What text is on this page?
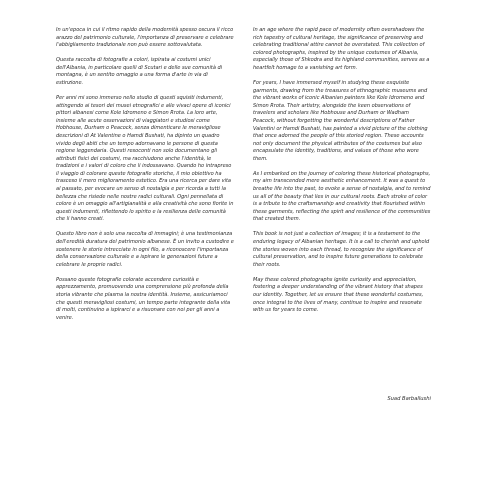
In un'epoca in cui il ritmo rapido della modernità spesso oscura il ricco arazzo del patrimonio culturale, l'importanza di preservare e celebrare l'abbigliamento tradizionale non può essere sottovalutata.

Questa raccolta di fotografie a colori, ispirata ai costumi unici dell'Albania, in particolare quelli di Scutari e delle sue comunità di montagna, è un sentito omaggio a una forma d'arte in via di estinzione.

Per anni mi sono immerso nello studio di questi squisiti indumenti, attingendo ai tesori dei musei etnografici e alle vivaci opere di iconici pittori albanesi come Kole Idromeno e Simon Rrota. La loro arte, insieme alle acute osservazioni di viaggiatori e studiosi come Hobhouse, Durham o Peacock, senza dimenticare le meravigliose descrizioni di At Valentine o Hamdi Bushati, ha dipinto un quadro vivido degli abiti che un tempo adornavano le persone di questa regione leggendaria. Questi resoconti non solo documentano gli attributi fisici dei costumi, ma racchiudono anche l'identità, le tradizioni e i valori di coloro che li indossavano. Quando ho intrapreso il viaggio di colorare queste fotografie storiche, il mio obiettivo ha trasceso il mero miglioramento estetico. Era una ricerca per dare vita al passato, per evocare un senso di nostalgia e per ricorda a tutti la bellezza che risiede nelle nostre radici culturali. Ogni pennellata di colore è un omaggio all'artigianalità e alla creatività che sono fiorite in questi indumenti, riflettendo lo spirito e la resilienza delle comunità che li hanno creati.

Questo libro non è solo una raccolta di immagini; è una testimonianza dell'eredità duratura del patrimonio albanese. È un invito a custodire e sostenere le storie intrecciate in ogni filo, a riconoscere l'importanza della conservazione culturale e a ispirare le generazioni future a celebrare le proprie radici.

Possano queste fotografie colorate accendere curiosità e apprezzamento, promuovendo una comprensione più profonda della storia vibrante che plasma la nostra identità. Insieme, assicuriamoci che questi meravigliosi costumi, un tempo parte integrante della vita di molti, continuino a ispirarci e a risuonare con noi per gli anni a venire.

In an age where the rapid pace of modernity often overshadows the rich tapestry of cultural heritage, the significance of preserving and celebrating traditional attire cannot be overstated. This collection of colored photographs, inspired by the unique costumes of Albania, especially those of Shkodra and its highland communities, serves as a heartfelt homage to a vanishing art form.

For years, I have immersed myself in studying these exquisite garments, drawing from the treasures of ethnographic museums and the vibrant works of iconic Albanian painters like Kole Idromeno and Simon Rrota. Their artistry, alongside the keen observations of travelers and scholars like Hobhouse and Durham or Wadham Peacock, without forgetting the wonderful descriptions of Father Valentini or Hamdi Bushati, has painted a vivid picture of the clothing that once adorned the people of this storied region. These accounts not only document the physical attributes of the costumes but also encapsulate the identity, traditions, and values of those who wore them.

As I embarked on the journey of coloring these historical photographs, my aim transcended mere aesthetic enhancement. It was a quest to breathe life into the past, to evoke a sense of nostalgia, and to remind us all of the beauty that lies in our cultural roots. Each stroke of color is a tribute to the craftsmanship and creativity that flourished within these garments, reflecting the spirit and resilience of the communities that created them.

This book is not just a collection of images; it is a testament to the enduring legacy of Albanian heritage. It is a call to cherish and uphold the stories woven into each thread, to recognize the significance of cultural preservation, and to inspire future generations to celebrate their roots.

May these colored photographs ignite curiosity and appreciation, fostering a deeper understanding of the vibrant history that shapes our identity. Together, let us ensure that these wonderful costumes, once integral to the lives of many, continue to inspire and resonate with us for years to come.

Suad Barballushi
